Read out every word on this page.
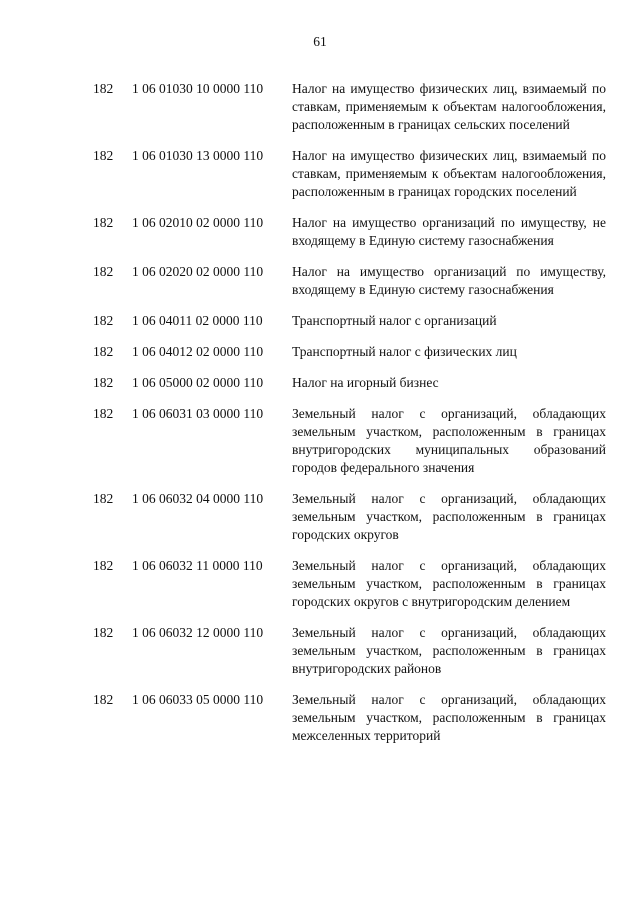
61
182 1 06 01030 10 0000 110 Налог на имущество физических лиц, взимаемый по ставкам, применяемым к объектам налогообложения, расположенным в границах сельских поселений
182 1 06 01030 13 0000 110 Налог на имущество физических лиц, взимаемый по ставкам, применяемым к объектам налогообложения, расположенным в границах городских поселений
182 1 06 02010 02 0000 110 Налог на имущество организаций по имуществу, не входящему в Единую систему газоснабжения
182 1 06 02020 02 0000 110 Налог на имущество организаций по имуществу, входящему в Единую систему газоснабжения
182 1 06 04011 02 0000 110 Транспортный налог с организаций
182 1 06 04012 02 0000 110 Транспортный налог с физических лиц
182 1 06 05000 02 0000 110 Налог на игорный бизнес
182 1 06 06031 03 0000 110 Земельный налог с организаций, обладающих земельным участком, расположенным в границах внутригородских муниципальных образований городов федерального значения
182 1 06 06032 04 0000 110 Земельный налог с организаций, обладающих земельным участком, расположенным в границах городских округов
182 1 06 06032 11 0000 110 Земельный налог с организаций, обладающих земельным участком, расположенным в границах городских округов с внутригородским делением
182 1 06 06032 12 0000 110 Земельный налог с организаций, обладающих земельным участком, расположенным в границах внутригородских районов
182 1 06 06033 05 0000 110 Земельный налог с организаций, обладающих земельным участком, расположенным в границах межселенных территорий
